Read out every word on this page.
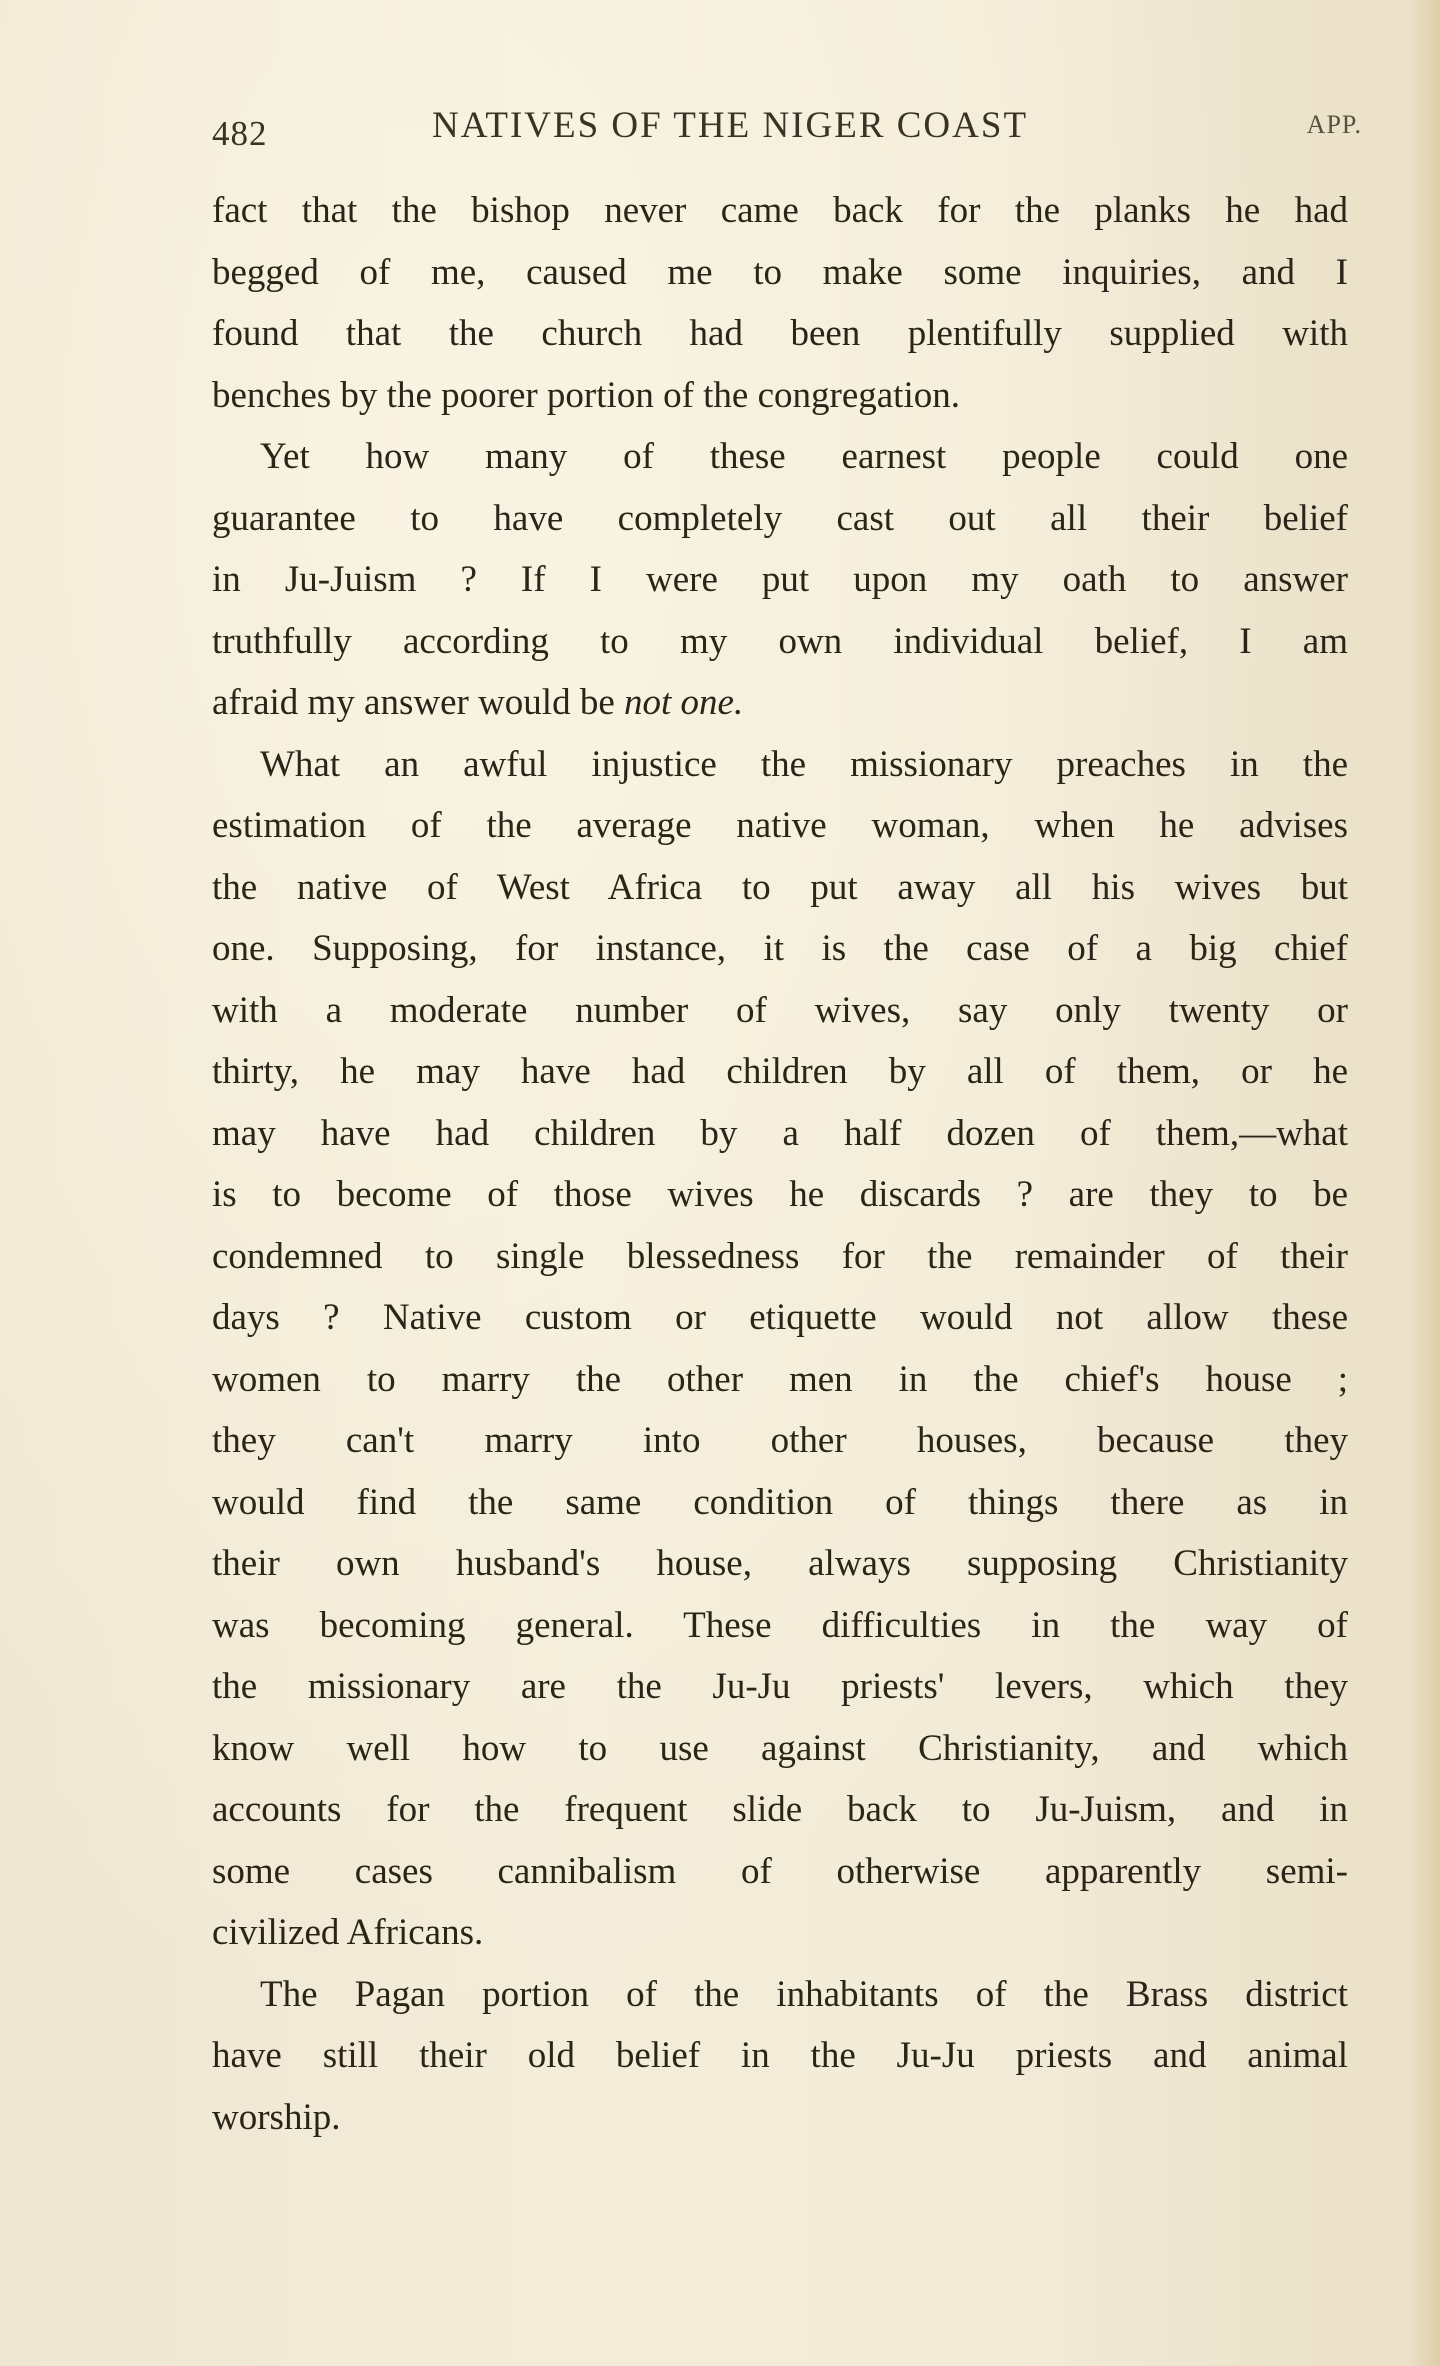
482	NATIVES OF THE NIGER COAST	APP.
fact that the bishop never came back for the planks he had
begged of me, caused me to make some inquiries, and I
found that the church had been plentifully supplied with
benches by the poorer portion of the congregation.
Yet how many of these earnest people could one
guarantee to have completely cast out all their belief
in Ju-Juism ? If I were put upon my oath to answer
truthfully according to my own individual belief, I am
afraid my answer would be not one.
What an awful injustice the missionary preaches in the
estimation of the average native woman, when he advises
the native of West Africa to put away all his wives but
one. Supposing, for instance, it is the case of a big chief
with a moderate number of wives, say only twenty or
thirty, he may have had children by all of them, or he
may have had children by a half dozen of them,—what
is to become of those wives he discards ? are they to be
condemned to single blessedness for the remainder of their
days ? Native custom or etiquette would not allow these
women to marry the other men in the chief's house ;
they can't marry into other houses, because they
would find the same condition of things there as in
their own husband's house, always supposing Christianity
was becoming general. These difficulties in the way of
the missionary are the Ju-Ju priests' levers, which they
know well how to use against Christianity, and which
accounts for the frequent slide back to Ju-Juism, and in
some cases cannibalism of otherwise apparently semi-
civilized Africans.
The Pagan portion of the inhabitants of the Brass district
have still their old belief in the Ju-Ju priests and animal
worship.
